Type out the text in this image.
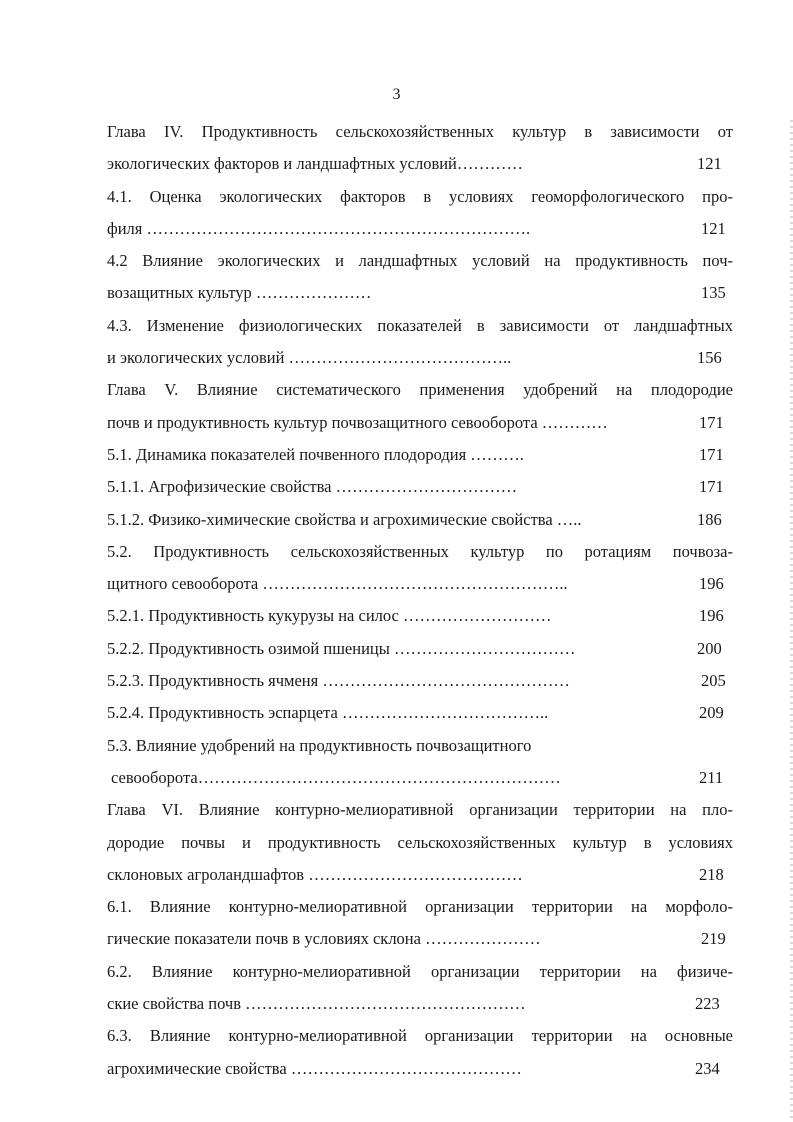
3
Глава IV. Продуктивность сельскохозяйственных культур в зависимости от
экологических факторов и ландшафтных условий…………	121
4.1. Оценка экологических факторов в условиях геоморфологического про-
филя …………………………………………………………….	121
4.2 Влияние экологических и ландшафтных условий на продуктивность поч-
возащитных культур …………………	135
4.3. Изменение физиологических показателей в зависимости от ландшафтных
и экологических условий …………………………………..	156
Глава V. Влияние систематического применения удобрений на плодородие
почв и продуктивность культур почвозащитного севооборота …………	171
5.1. Динамика показателей почвенного плодородия ……….	171
5.1.1. Агрофизические свойства ……………………………	171
5.1.2. Физико-химические свойства и агрохимические свойства …..	186
5.2. Продуктивность сельскохозяйственных культур по ротациям почвоза-
щитного севооборота ………………………………………………..	196
5.2.1. Продуктивность кукурузы на силос ………………………	196
5.2.2. Продуктивность озимой пшеницы ……………………………	200
5.2.3. Продуктивность ячменя ………………………………………	205
5.2.4. Продуктивность эспарцета ………………………………..	209
5.3. Влияние удобрений на продуктивность почвозащитного
севооборота…………………………………………………………	211
Глава VI. Влияние контурно-мелиоративной организации территории на пло-
дородие почвы и продуктивность сельскохозяйственных культур в условиях
склоновых агроландшафтов …………………………………	218
6.1. Влияние контурно-мелиоративной организации территории на морфоло-
гические показатели почв в условиях склона …………………	219
6.2. Влияние контурно-мелиоративной организации территории на физиче-
ские свойства почв ……………………………………………	223
6.3. Влияние контурно-мелиоративной организации территории на основные
агрохимические свойства ……………………………………	234
